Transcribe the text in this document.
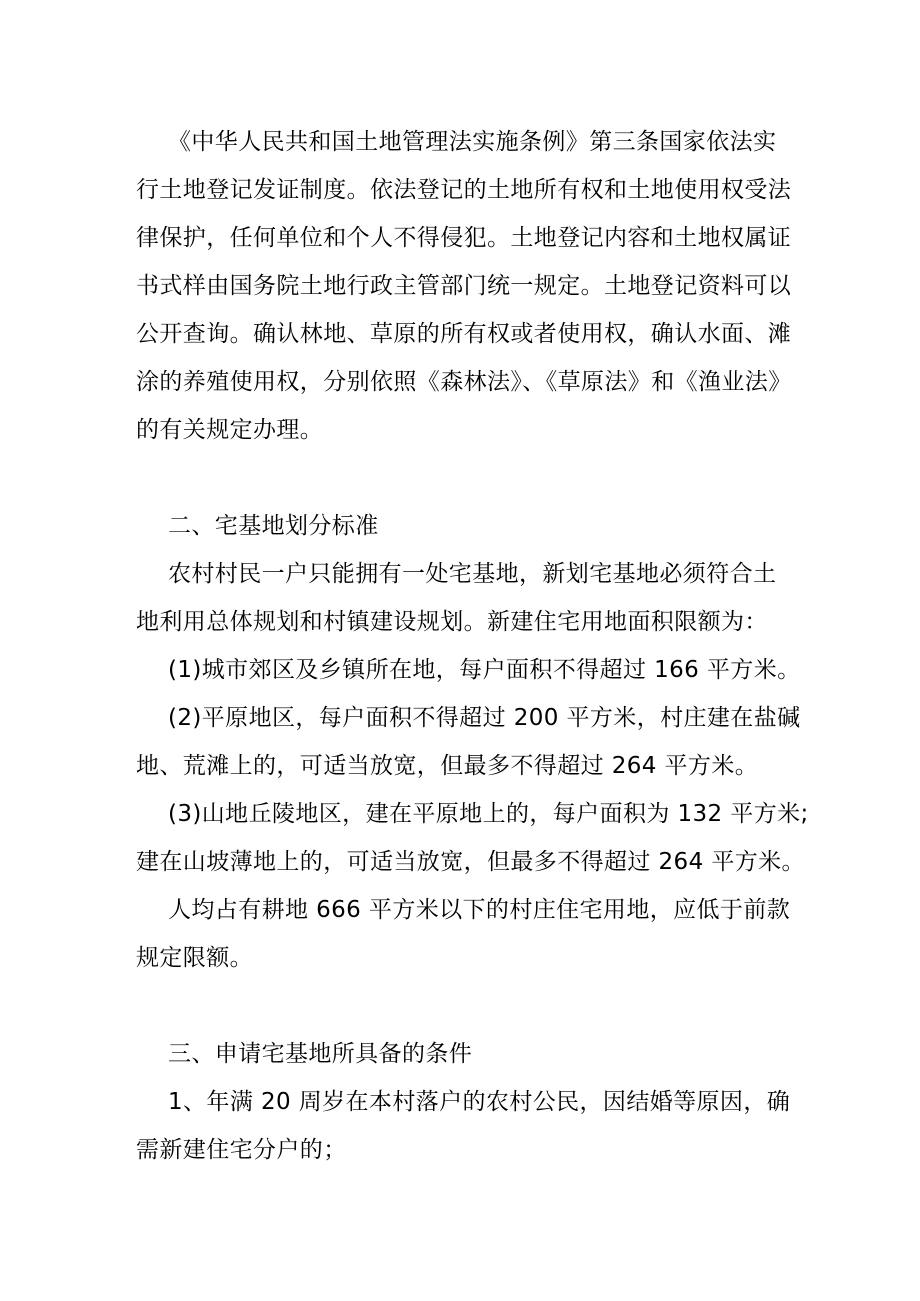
《中华人民共和国土地管理法实施条例》第三条国家依法实
行土地登记发证制度。依法登记的土地所有权和土地使用权受法
律保护，任何单位和个人不得侵犯。土地登记内容和土地权属证
书式样由国务院土地行政主管部门统一规定。土地登记资料可以
公开查询。确认林地、草原的所有权或者使用权，确认水面、滩
涂的养殖使用权，分别依照《森林法》、《草原法》和《渔业法》
的有关规定办理。
二、宅基地划分标准
农村村民一户只能拥有一处宅基地，新划宅基地必须符合土
地利用总体规划和村镇建设规划。新建住宅用地面积限额为：
(1)城市郊区及乡镇所在地，每户面积不得超过 166 平方米。
(2)平原地区，每户面积不得超过 200 平方米，村庄建在盐碱
地、荒滩上的，可适当放宽，但最多不得超过 264 平方米。
(3)山地丘陵地区，建在平原地上的，每户面积为 132 平方米;
建在山坡薄地上的，可适当放宽，但最多不得超过 264 平方米。
人均占有耕地 666 平方米以下的村庄住宅用地，应低于前款
规定限额。
三、申请宅基地所具备的条件
1、年满 20 周岁在本村落户的农村公民，因结婚等原因，确
需新建住宅分户的；
